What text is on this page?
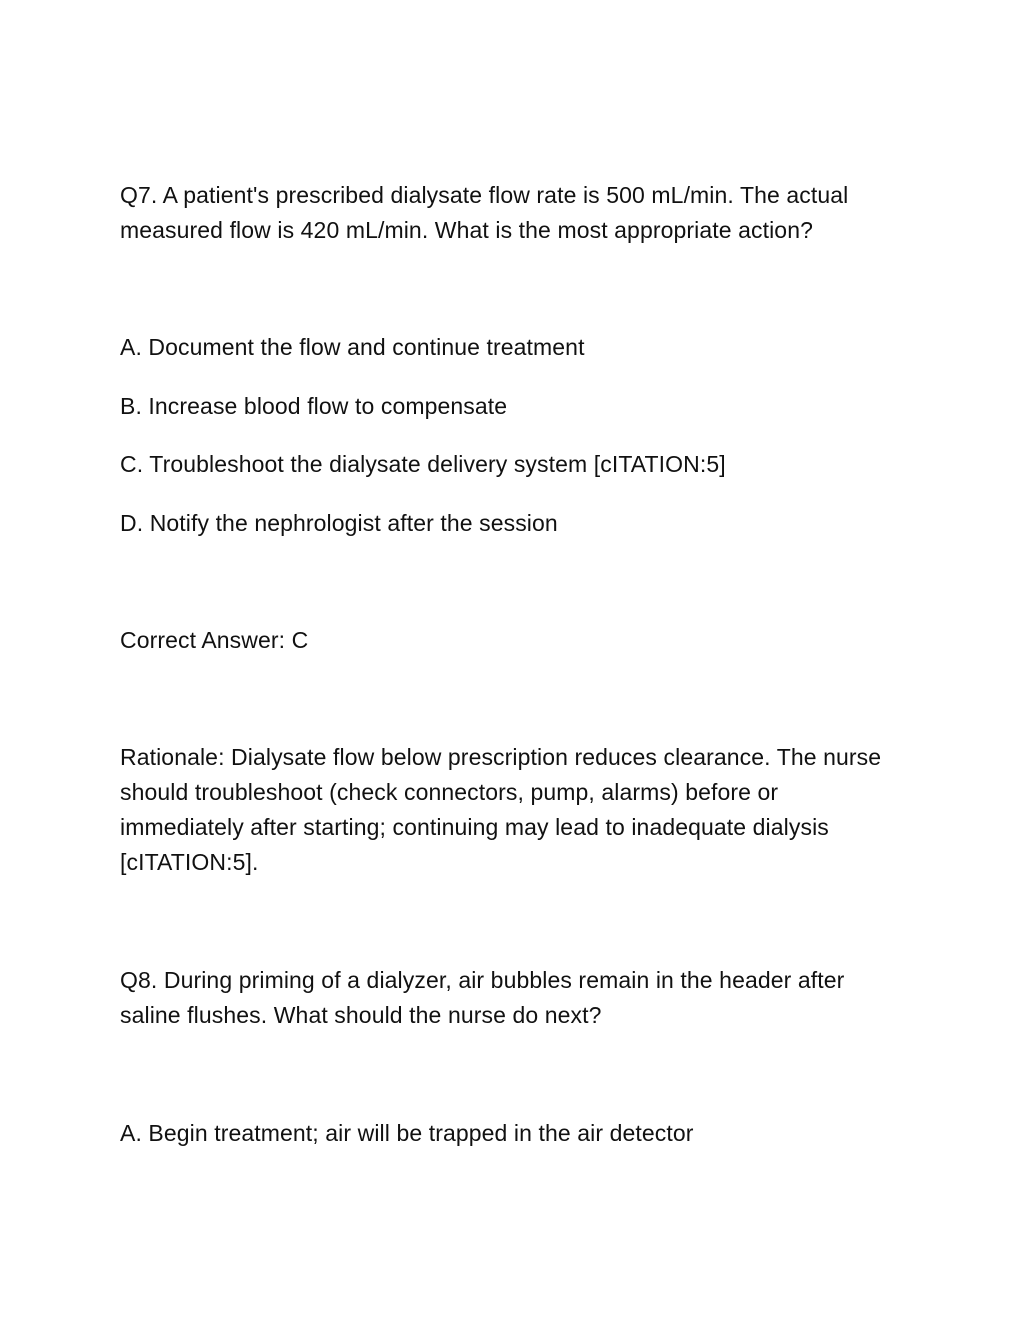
Q7. A patient's prescribed dialysate flow rate is 500 mL/min. The actual measured flow is 420 mL/min. What is the most appropriate action?
A. Document the flow and continue treatment
B. Increase blood flow to compensate
C. Troubleshoot the dialysate delivery system [cITATION:5]
D. Notify the nephrologist after the session
Correct Answer: C
Rationale: Dialysate flow below prescription reduces clearance. The nurse should troubleshoot (check connectors, pump, alarms) before or immediately after starting; continuing may lead to inadequate dialysis [cITATION:5].
Q8. During priming of a dialyzer, air bubbles remain in the header after saline flushes. What should the nurse do next?
A. Begin treatment; air will be trapped in the air detector
